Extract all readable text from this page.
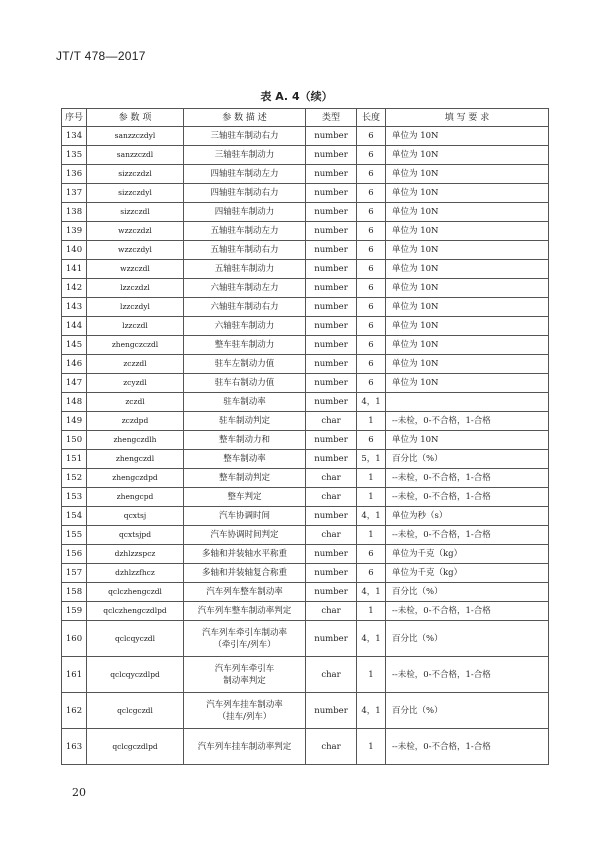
JT/T 478—2017
表 A. 4（续）
序号	参 数 项	参 数 描 述	类型	长度	填 写 要 求
134	sanzzczdyl	三轴驻车制动右力	number	6	单位为 10N
135	sanzzczdl	三轴驻车制动力	number	6	单位为 10N
136	sizzczdzl	四轴驻车制动左力	number	6	单位为 10N
137	sizzczdyl	四轴驻车制动右力	number	6	单位为 10N
138	sizzczdl	四轴驻车制动力	number	6	单位为 10N
139	wzzczdzl	五轴驻车制动左力	number	6	单位为 10N
140	wzzczdyl	五轴驻车制动右力	number	6	单位为 10N
141	wzzczdl	五轴驻车制动力	number	6	单位为 10N
142	lzzczdzl	六轴驻车制动左力	number	6	单位为 10N
143	lzzczdyl	六轴驻车制动右力	number	6	单位为 10N
144	lzzczdl	六轴驻车制动力	number	6	单位为 10N
145	zhengczczdl	整车驻车制动力	number	6	单位为 10N
146	zczzdl	驻车左制动力值	number	6	单位为 10N
147	zcyzdl	驻车右制动力值	number	6	单位为 10N
148	zczdl	驻车制动率	number	4，1	
149	zczdpd	驻车制动判定	char	1	--未检，0-不合格，1-合格
150	zhengczdlh	整车制动力和	number	6	单位为 10N
151	zhengczdl	整车制动率	number	5，1	百分比（%）
152	zhengczdpd	整车制动判定	char	1	--未检，0-不合格，1-合格
153	zhengcpd	整车判定	char	1	--未检，0-不合格，1-合格
154	qcxtsj	汽车协调时间	number	4，1	单位为秒（s）
155	qcxtsjpd	汽车协调时间判定	char	1	--未检，0-不合格，1-合格
156	dzhlzzspcz	多轴和并装轴水平称重	number	6	单位为千克（kg）
157	dzhlzzfhcz	多轴和并装轴复合称重	number	6	单位为千克（kg）
158	qclczhengczdl	汽车列车整车制动率	number	4，1	百分比（%）
159	qclczhengczdlpd	汽车列车整车制动率判定	char	1	--未检，0-不合格，1-合格
160	qclcqyczdl	汽车列车牵引车制动率
（牵引车/列车）	number	4，1	百分比（%）
161	qclcqyczdlpd	汽车列车牵引车
制动率判定	char	1	--未检，0-不合格，1-合格
162	qclcgczdl	汽车列车挂车制动率
（挂车/列车）	number	4，1	百分比（%）
163	qclcgczdlpd	汽车列车挂车制动率判定	char	1	--未检，0-不合格，1-合格
20
